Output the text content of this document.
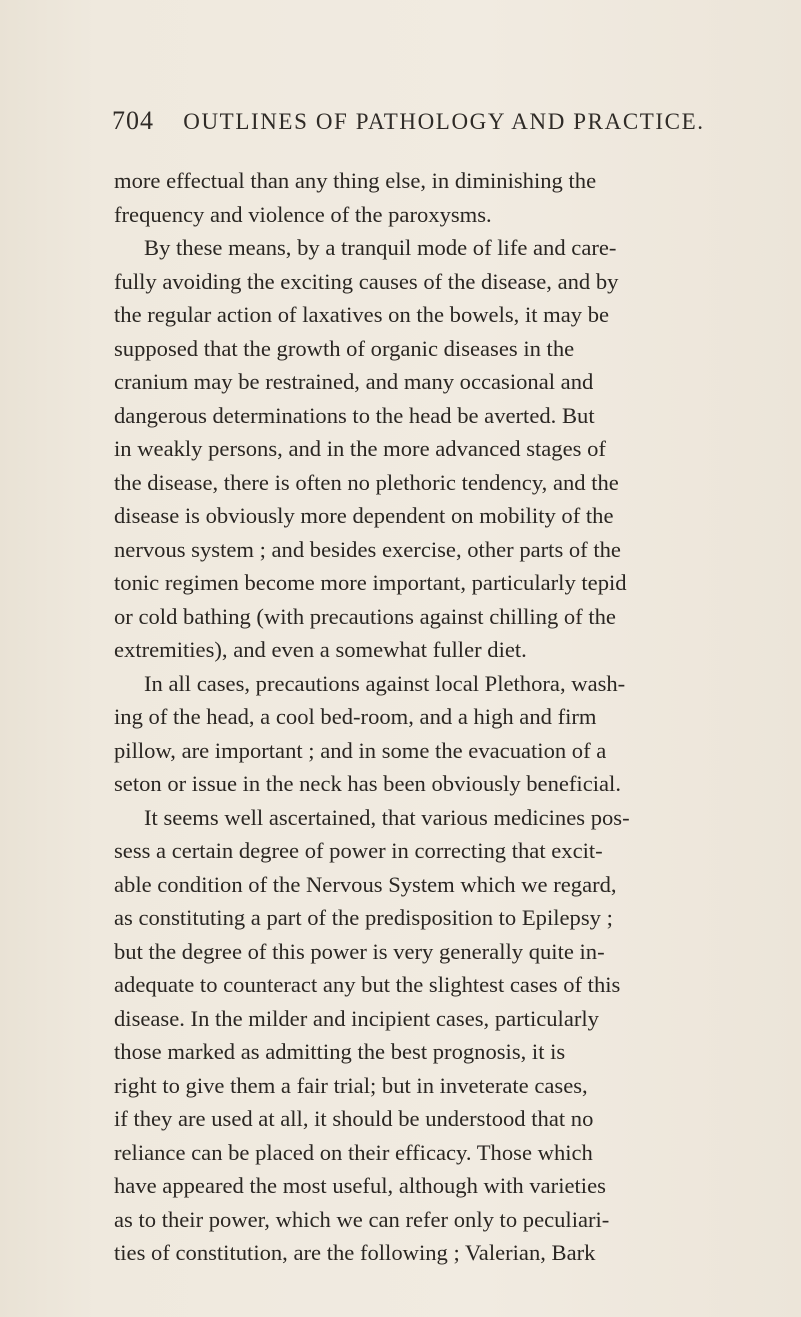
704 OUTLINES OF PATHOLOGY AND PRACTICE.
more effectual than any thing else, in diminishing the
frequency and violence of the paroxysms.
By these means, by a tranquil mode of life and care-
fully avoiding the exciting causes of the disease, and by
the regular action of laxatives on the bowels, it may be
supposed that the growth of organic diseases in the
cranium may be restrained, and many occasional and
dangerous determinations to the head be averted. But
in weakly persons, and in the more advanced stages of
the disease, there is often no plethoric tendency, and the
disease is obviously more dependent on mobility of the
nervous system ; and besides exercise, other parts of the
tonic regimen become more important, particularly tepid
or cold bathing (with precautions against chilling of the
extremities), and even a somewhat fuller diet.
In all cases, precautions against local Plethora, wash-
ing of the head, a cool bed-room, and a high and firm
pillow, are important ; and in some the evacuation of a
seton or issue in the neck has been obviously beneficial.
It seems well ascertained, that various medicines pos-
sess a certain degree of power in correcting that excit-
able condition of the Nervous System which we regard,
as constituting a part of the predisposition to Epilepsy ;
but the degree of this power is very generally quite in-
adequate to counteract any but the slightest cases of this
disease. In the milder and incipient cases, particularly
those marked as admitting the best prognosis, it is
right to give them a fair trial; but in inveterate cases,
if they are used at all, it should be understood that no
reliance can be placed on their efficacy. Those which
have appeared the most useful, although with varieties
as to their power, which we can refer only to peculiari-
ties of constitution, are the following ; Valerian, Bark
